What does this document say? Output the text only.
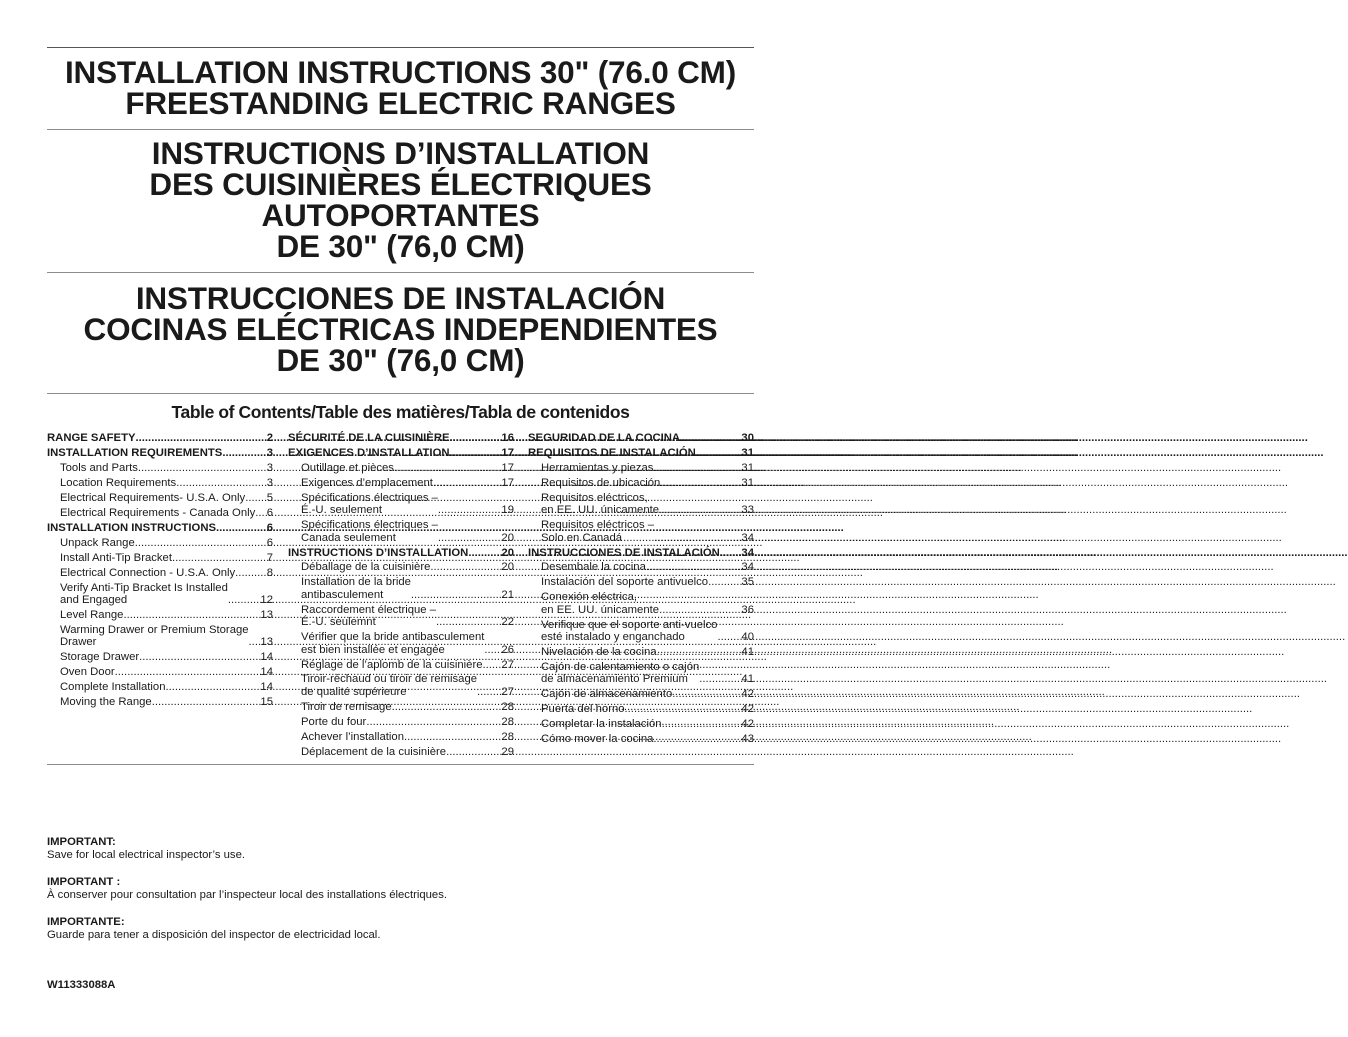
INSTALLATION INSTRUCTIONS 30" (76.0 CM)
FREESTANDING ELECTRIC RANGES
INSTRUCTIONS D’INSTALLATION
DES CUISINIÈRES ÉLECTRIQUES
AUTOPORTANTES
DE 30" (76,0 CM)
INSTRUCCIONES DE INSTALACIÓN
COCINAS ELÉCTRICAS INDEPENDIENTES
DE 30" (76,0 CM)
Table of Contents/Table des matières/Tabla de contenidos
RANGE SAFETY .....	2
INSTALLATION REQUIREMENTS .....	3
Tools and Parts .....	3
Location Requirements .....	3
Electrical Requirements- U.S.A. Only ..... 5
Electrical Requirements - Canada Only ..... 6
INSTALLATION INSTRUCTIONS .....	6
Unpack Range .....	6
Install Anti-Tip Bracket .....	7
Electrical Connection - U.S.A. Only .....	8
Verify Anti-Tip Bracket Is Installed
and Engaged .....	12
Level Range .....	13
Warming Drawer or Premium Storage
Drawer .....	13
Storage Drawer .....	14
Oven Door .....	14
Complete Installation .....	14
Moving the Range .....	15
SÉCURITÉ DE LA CUISINIÈRE .....	16
EXIGENCES D’INSTALLATION .....	17
Outillage et pièces .....	17
Exigences d’emplacement .....	17
Spécifications électriques –
É.-U. seulement .....	19
Spécifications électriques –
Canada seulement .....	20
INSTRUCTIONS D’INSTALLATION .....	20
Déballage de la cuisinière .....	20
Installation de la bride
antibasculement .....	21
Raccordement électrique –
É.-U. seulemnt .....	22
Vérifier que la bride antibasculement
est bien installée et engagée .....	26
Réglage de l’aplomb de la cuisinière ..... 27
Tiroir-réchaud ou tiroir de remisage
de qualité supérieure .....	27
Tiroir de remisage .....	28
Porte du four .....	28
Achever l’installation .....	28
Déplacement de la cuisinière .....	29
SEGURIDAD DE LA COCINA .....	30
REQUISITOS DE INSTALACIÓN .....	31
Herramientas y piezas .....	31
Requisitos de ubicación .....	31
Requisitos eléctricos,
en EE. UU. únicamente .....	33
Requisitos eléctricos –
Solo en Canadá .....	34
INSTRUCCIONES DE INSTALACIÓN ..... 34
Desembale la cocina .....	34
Instalación del soporte antivuelco .....	35
Conexión eléctrica,
en EE. UU. únicamente .....	36
Verifique que el soporte anti-vuelco
esté instalado y enganchado .....	40
Nivelación de la cocina .....	41
Cajón de calentamiento o cajón
de almacenamiento Premium .....	41
Cajón de almacenamiento .....	42
Puerta del horno .....	42
Completar la instalación .....	42
Cómo mover la cocina .....	43
IMPORTANT:
Save for local electrical inspector’s use.
IMPORTANT :
À conserver pour consultation par l’inspecteur local des installations électriques.
IMPORTANTE:
Guarde para tener a disposición del inspector de electricidad local.
W11333088A
